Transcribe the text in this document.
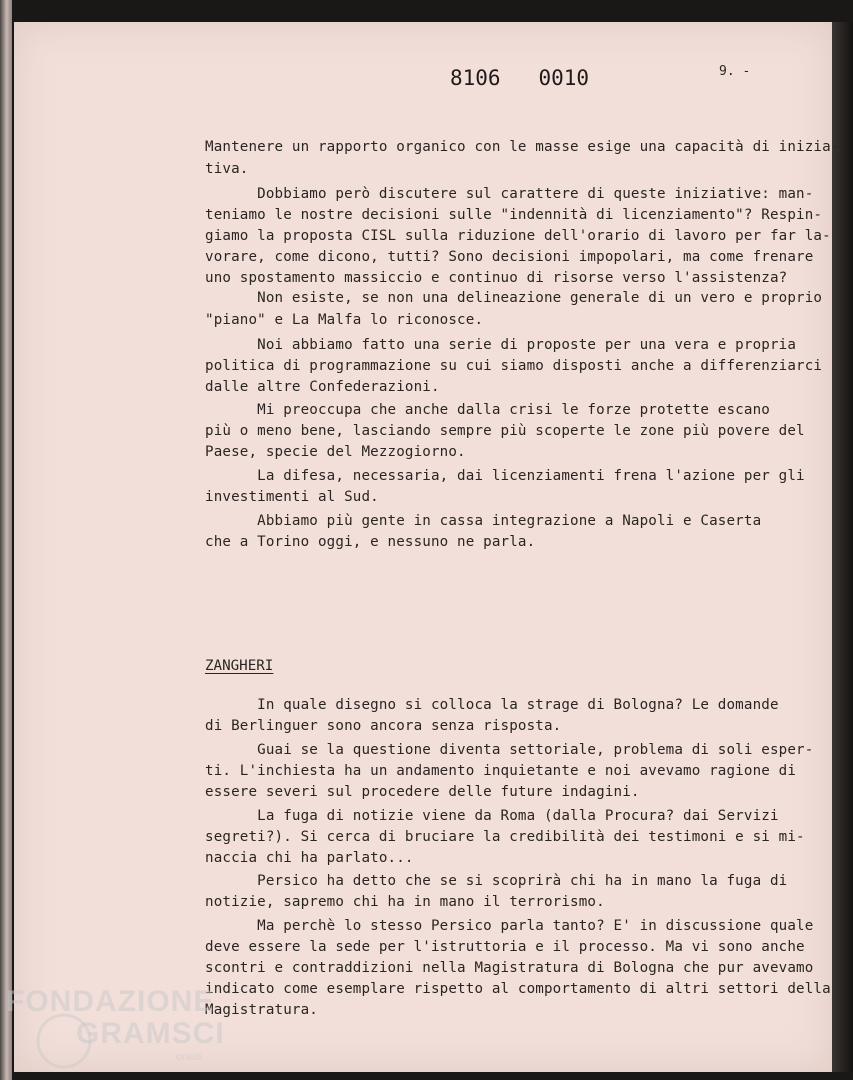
8106   0010	9. -
Mantenere un rapporto organico con le masse esige una capacità di inizia-
tiva.
Dobbiamo però discutere sul carattere di queste iniziative: man-
teniamo le nostre decisioni sulle "indennità di licenziamento"? Respin-
giamo la proposta CISL sulla riduzione dell'orario di lavoro per far la-
vorare, come dicono, tutti? Sono decisioni impopolari, ma come frenare
uno spostamento massiccio e continuo di risorse verso l'assistenza?
Non esiste, se non una delineazione generale di un vero e proprio
"piano" e La Malfa lo riconosce.
Noi abbiamo fatto una serie di proposte per una vera e propria
politica di programmazione su cui siamo disposti anche a differenziarci
dalle altre Confederazioni.
Mi preoccupa che anche dalla crisi le forze protette escano
più o meno bene, lasciando sempre più scoperte le zone più povere del
Paese, specie del Mezzogiorno.
La difesa, necessaria, dai licenziamenti frena l'azione per gli
investimenti al Sud.
Abbiamo più gente in cassa integrazione a Napoli e Caserta
che a Torino oggi, e nessuno ne parla.
ZANGHERI
In quale disegno si colloca la strage di Bologna? Le domande
di Berlinguer sono ancora senza risposta.
Guai se la questione diventa settoriale, problema di soli esper-
ti. L'inchiesta ha un andamento inquietante e noi avevamo ragione di
essere severi sul procedere delle future indagini.
La fuga di notizie viene da Roma (dalla Procura? dai Servizi
segreti?). Si cerca di bruciare la credibilità dei testimoni e si mi-
naccia chi ha parlato...
Persico ha detto che se si scoprirà chi ha in mano la fuga di
notizie, sapremo chi ha in mano il terrorismo.
Ma perchè lo stesso Persico parla tanto? E' in discussione quale
deve essere la sede per l'istruttoria e il processo. Ma vi sono anche
scontri e contraddizioni nella Magistratura di Bologna che pur avevamo
indicato come esemplare rispetto al comportamento di altri settori della
Magistratura.
FONDAZIONE
GRAMSCI
onlus
